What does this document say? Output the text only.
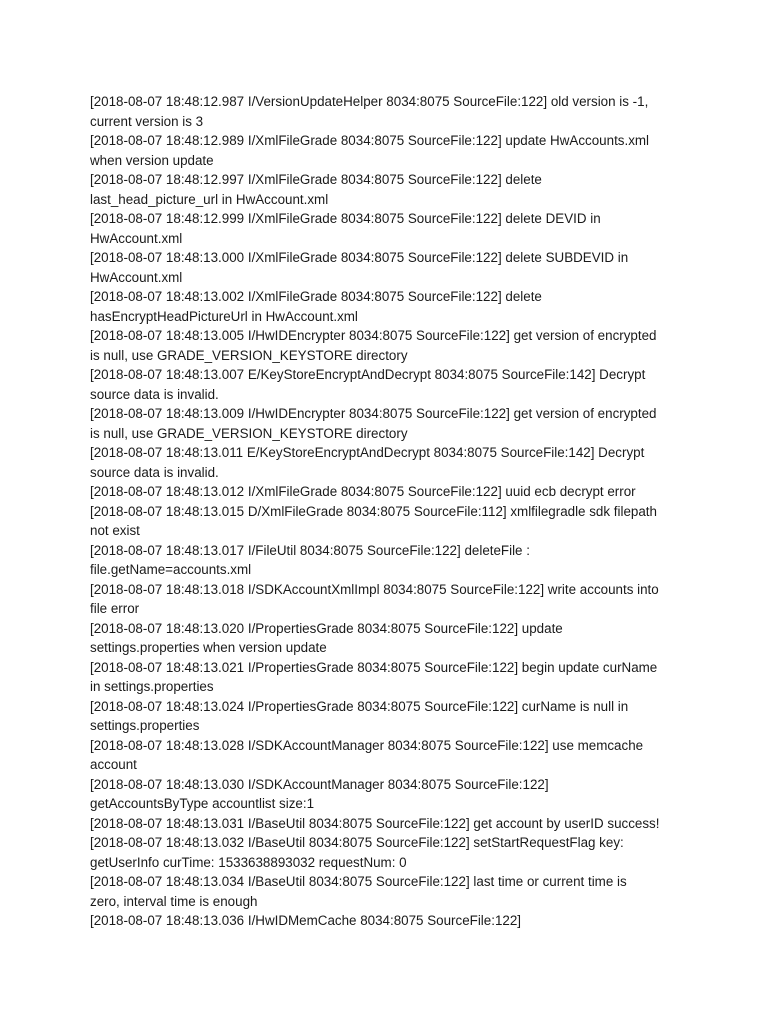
[2018-08-07 18:48:12.987 I/VersionUpdateHelper 8034:8075 SourceFile:122] old version is -1,
current version is 3

[2018-08-07 18:48:12.989 I/XmlFileGrade 8034:8075 SourceFile:122] update HwAccounts.xml
when version update

[2018-08-07 18:48:12.997 I/XmlFileGrade 8034:8075 SourceFile:122] delete
last_head_picture_url in HwAccount.xml

[2018-08-07 18:48:12.999 I/XmlFileGrade 8034:8075 SourceFile:122] delete DEVID in
HwAccount.xml

[2018-08-07 18:48:13.000 I/XmlFileGrade 8034:8075 SourceFile:122] delete SUBDEVID in
HwAccount.xml

[2018-08-07 18:48:13.002 I/XmlFileGrade 8034:8075 SourceFile:122] delete
hasEncryptHeadPictureUrl in HwAccount.xml

[2018-08-07 18:48:13.005 I/HwIDEncrypter 8034:8075 SourceFile:122] get version of encrypted
is null, use GRADE_VERSION_KEYSTORE directory

[2018-08-07 18:48:13.007 E/KeyStoreEncryptAndDecrypt 8034:8075 SourceFile:142] Decrypt
source data is invalid.

[2018-08-07 18:48:13.009 I/HwIDEncrypter 8034:8075 SourceFile:122] get version of encrypted
is null, use GRADE_VERSION_KEYSTORE directory

[2018-08-07 18:48:13.011 E/KeyStoreEncryptAndDecrypt 8034:8075 SourceFile:142] Decrypt
source data is invalid.

[2018-08-07 18:48:13.012 I/XmlFileGrade 8034:8075 SourceFile:122] uuid ecb decrypt error

[2018-08-07 18:48:13.015 D/XmlFileGrade 8034:8075 SourceFile:112] xmlfilegradle sdk filepath
not exist

[2018-08-07 18:48:13.017 I/FileUtil 8034:8075 SourceFile:122] deleteFile :
file.getName=accounts.xml

[2018-08-07 18:48:13.018 I/SDKAccountXmlImpl 8034:8075 SourceFile:122] write accounts into
file error

[2018-08-07 18:48:13.020 I/PropertiesGrade 8034:8075 SourceFile:122] update
settings.properties when version update

[2018-08-07 18:48:13.021 I/PropertiesGrade 8034:8075 SourceFile:122] begin update curName
in settings.properties

[2018-08-07 18:48:13.024 I/PropertiesGrade 8034:8075 SourceFile:122] curName is null in
settings.properties

[2018-08-07 18:48:13.028 I/SDKAccountManager 8034:8075 SourceFile:122] use memcache
account

[2018-08-07 18:48:13.030 I/SDKAccountManager 8034:8075 SourceFile:122]
getAccountsByType accountlist size:1

[2018-08-07 18:48:13.031 I/BaseUtil 8034:8075 SourceFile:122] get account by userID success!

[2018-08-07 18:48:13.032 I/BaseUtil 8034:8075 SourceFile:122] setStartRequestFlag key:
getUserInfo curTime: 1533638893032 requestNum: 0

[2018-08-07 18:48:13.034 I/BaseUtil 8034:8075 SourceFile:122] last time or current time is
zero, interval time is enough

[2018-08-07 18:48:13.036 I/HwIDMemCache 8034:8075 SourceFile:122]
